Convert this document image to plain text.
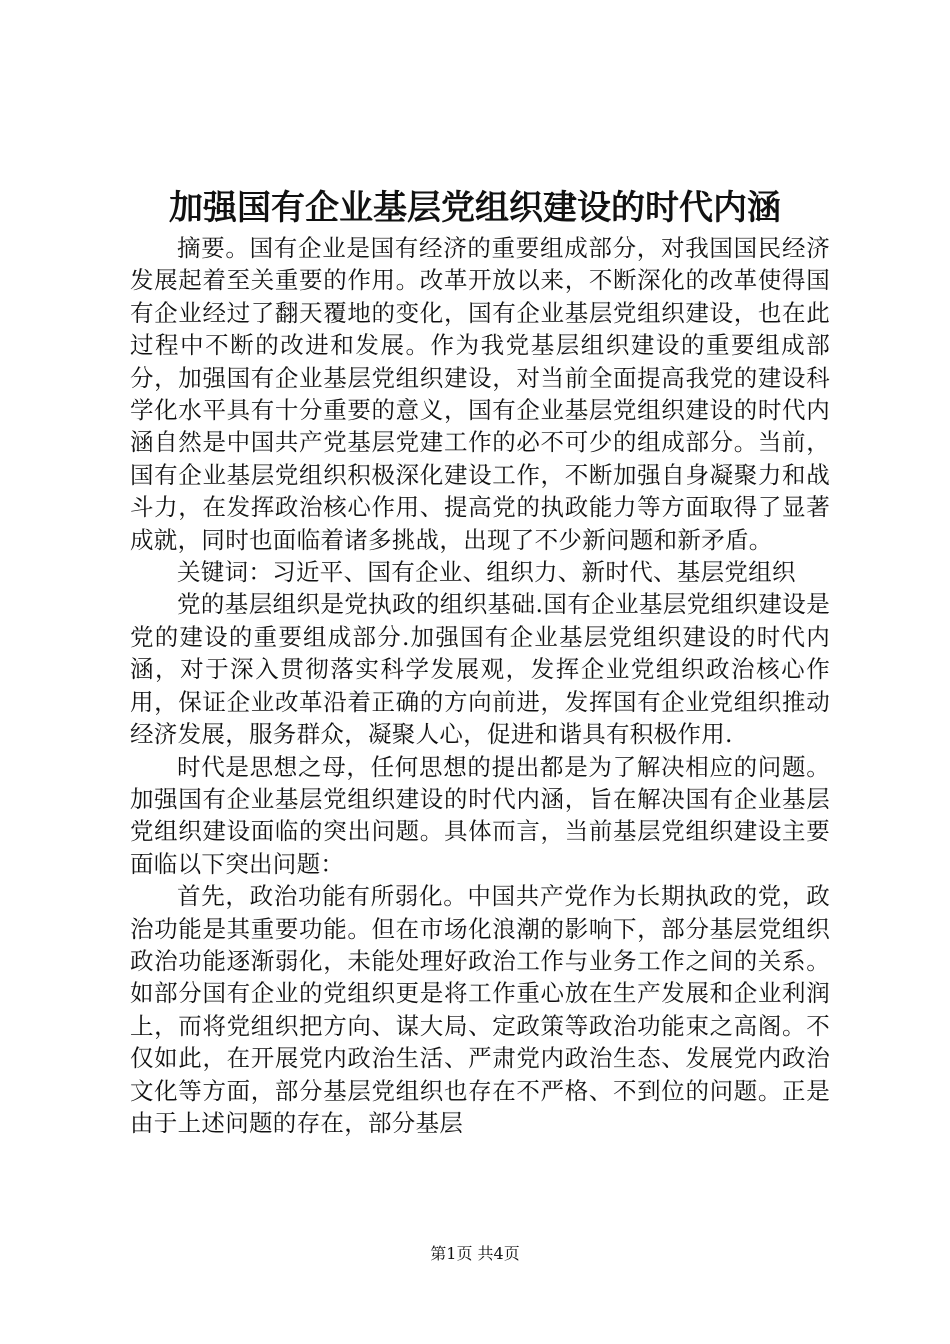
加强国有企业基层党组织建设的时代内涵

摘要。国有企业是国有经济的重要组成部分，对我国国民经济发展起着至关重要的作用。改革开放以来，不断深化的改革使得国有企业经过了翻天覆地的变化，国有企业基层党组织建设，也在此过程中不断的改进和发展。作为我党基层组织建设的重要组成部分，加强国有企业基层党组织建设，对当前全面提高我党的建设科学化水平具有十分重要的意义，国有企业基层党组织建设的时代内涵自然是中国共产党基层党建工作的必不可少的组成部分。当前，国有企业基层党组织积极深化建设工作，不断加强自身凝聚力和战斗力，在发挥政治核心作用、提高党的执政能力等方面取得了显著成就，同时也面临着诸多挑战，出现了不少新问题和新矛盾。

关键词：习近平、国有企业、组织力、新时代、基层党组织

党的基层组织是党执政的组织基础.国有企业基层党组织建设是党的建设的重要组成部分.加强国有企业基层党组织建设的时代内涵，对于深入贯彻落实科学发展观，发挥企业党组织政治核心作用，保证企业改革沿着正确的方向前进，发挥国有企业党组织推动经济发展，服务群众，凝聚人心，促进和谐具有积极作用.

时代是思想之母，任何思想的提出都是为了解决相应的问题。加强国有企业基层党组织建设的时代内涵，旨在解决国有企业基层党组织建设面临的突出问题。具体而言，当前基层党组织建设主要面临以下突出问题：

首先，政治功能有所弱化。中国共产党作为长期执政的党，政治功能是其重要功能。但在市场化浪潮的影响下，部分基层党组织政治功能逐渐弱化，未能处理好政治工作与业务工作之间的关系。如部分国有企业的党组织更是将工作重心放在生产发展和企业利润上，而将党组织把方向、谋大局、定政策等政治功能束之高阁。不仅如此，在开展党内政治生活、严肃党内政治生态、发展党内政治文化等方面，部分基层党组织也存在不严格、不到位的问题。正是由于上述问题的存在，部分基层

第1页 共4页
